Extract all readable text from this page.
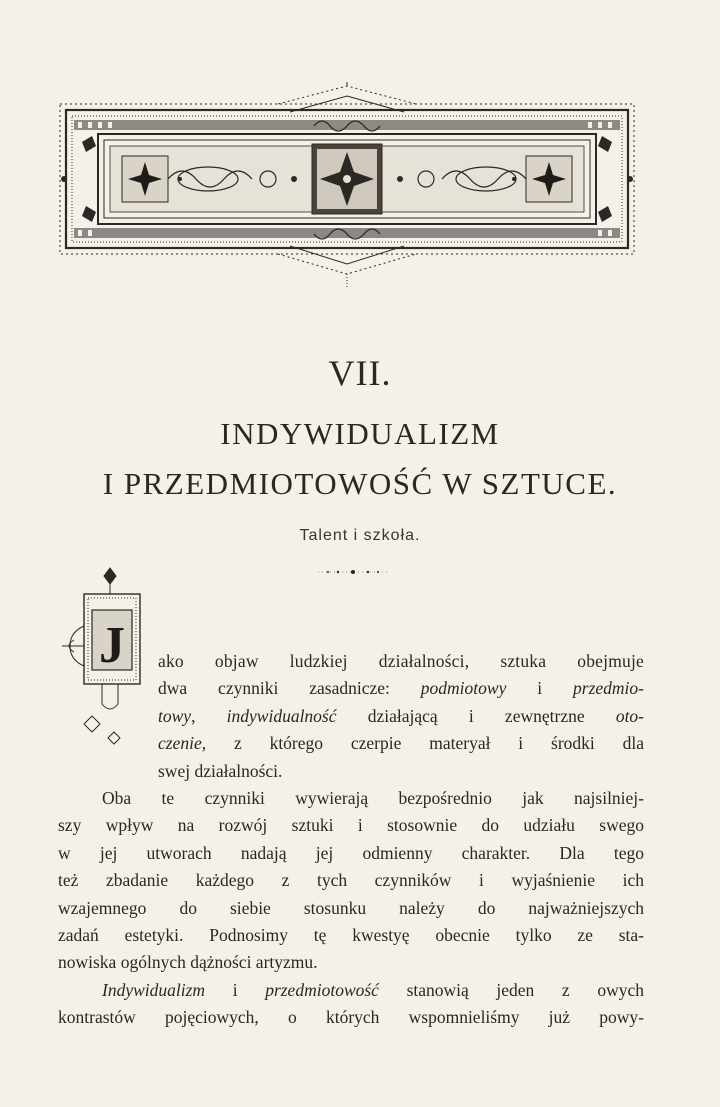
VII.
INDYWIDUALIZM
I PRZEDMIOTOWOŚĆ W SZTUCE.
Talent i szkoła.
J	ako objaw ludzkiej działalności, sztuka obejmuje
dwa czynniki zasadnicze: podmiotowy i przedmio-
towy, indywidualność działającą i zewnętrzne oto-
czenie, z którego czerpie materyał i środki dla
swej działalności.
Oba te czynniki wywierają bezpośrednio jak najsilniej-
szy wpływ na rozwój sztuki i stosownie do udziału swego
w jej utworach nadają jej odmienny charakter. Dla tego
też zbadanie każdego z tych czynników i wyjaśnienie ich
wzajemnego do siebie stosunku należy do najważniejszych
zadań estetyki. Podnosimy tę kwestyę obecnie tylko ze sta-
nowiska ogólnych dążności artyzmu.
Indywidualizm i przedmiotowość stanowią jeden z owych
kontrastów pojęciowych, o których wspomnieliśmy już powy-
